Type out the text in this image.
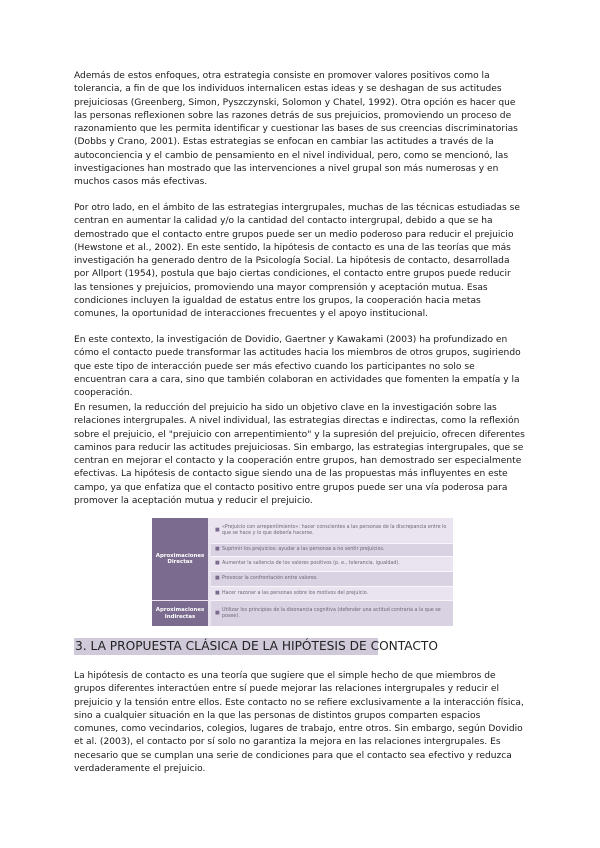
Además de estos enfoques, otra estrategia consiste en promover valores positivos como la tolerancia, a fin de que los individuos internalicen estas ideas y se deshagan de sus actitudes prejuiciosas (Greenberg, Simon, Pyszczynski, Solomon y Chatel, 1992). Otra opción es hacer que las personas reflexionen sobre las razones detrás de sus prejuicios, promoviendo un proceso de razonamiento que les permita identificar y cuestionar las bases de sus creencias discriminatorias (Dobbs y Crano, 2001). Estas estrategias se enfocan en cambiar las actitudes a través de la autoconciencia y el cambio de pensamiento en el nivel individual, pero, como se mencionó, las investigaciones han mostrado que las intervenciones a nivel grupal son más numerosas y en muchos casos más efectivas.

Por otro lado, en el ámbito de las estrategias intergrupales, muchas de las técnicas estudiadas se centran en aumentar la calidad y/o la cantidad del contacto intergrupal, debido a que se ha demostrado que el contacto entre grupos puede ser un medio poderoso para reducir el prejuicio (Hewstone et al., 2002). En este sentido, la hipótesis de contacto es una de las teorías que más investigación ha generado dentro de la Psicología Social. La hipótesis de contacto, desarrollada por Allport (1954), postula que bajo ciertas condiciones, el contacto entre grupos puede reducir las tensiones y prejuicios, promoviendo una mayor comprensión y aceptación mutua. Esas condiciones incluyen la igualdad de estatus entre los grupos, la cooperación hacia metas comunes, la oportunidad de interacciones frecuentes y el apoyo institucional.

En este contexto, la investigación de Dovidio, Gaertner y Kawakami (2003) ha profundizado en cómo el contacto puede transformar las actitudes hacia los miembros de otros grupos, sugiriendo que este tipo de interacción puede ser más efectivo cuando los participantes no solo se encuentran cara a cara, sino que también colaboran en actividades que fomenten la empatía y la cooperación.

En resumen, la reducción del prejuicio ha sido un objetivo clave en la investigación sobre las relaciones intergrupales. A nivel individual, las estrategias directas e indirectas, como la reflexión sobre el prejuicio, el "prejuicio con arrepentimiento" y la supresión del prejuicio, ofrecen diferentes caminos para reducir las actitudes prejuiciosas. Sin embargo, las estrategias intergrupales, que se centran en mejorar el contacto y la cooperación entre grupos, han demostrado ser especialmente efectivas. La hipótesis de contacto sigue siendo una de las propuestas más influyentes en este campo, ya que enfatiza que el contacto positivo entre grupos puede ser una vía poderosa para promover la aceptación mutua y reducir el prejuicio.

Aproximaciones Directas
Aproximaciones Indirectas
■ «Prejuicio con arrepentimiento»: hacer conscientes a las personas de la discrepancia entre lo que se hace y lo que debería hacerse.
■ Suprimir los prejuicios: ayudar a las personas a no sentir prejuicios.
■ Aumentar la saliencia de los valores positivos (p. e., tolerancia, igualdad).
■ Provocar la confrontación entre valores.
■ Hacer razonar a las personas sobre los motivos del prejuicio.
■ Utilizar los principios de la disonancia cognitiva (defender una actitud contraria a la que se posee).
3. LA PROPUESTA CLÁSICA DE LA HIPÓTESIS DE CONTACTO

La hipótesis de contacto es una teoría que sugiere que el simple hecho de que miembros de grupos diferentes interactúen entre sí puede mejorar las relaciones intergrupales y reducir el prejuicio y la tensión entre ellos. Este contacto no se refiere exclusivamente a la interacción física, sino a cualquier situación en la que las personas de distintos grupos comparten espacios comunes, como vecindarios, colegios, lugares de trabajo, entre otros. Sin embargo, según Dovidio et al. (2003), el contacto por sí solo no garantiza la mejora en las relaciones intergrupales. Es necesario que se cumplan una serie de condiciones para que el contacto sea efectivo y reduzca verdaderamente el prejuicio.
